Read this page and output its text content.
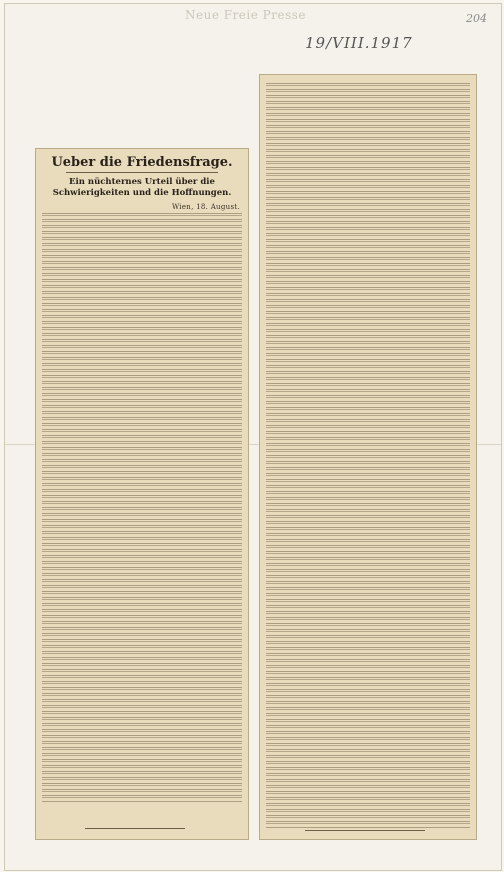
Neue Freie Presse	204
19/VIII.1917
Ueber die Friedensfrage.
Ein nüchternes Urteil über die Schwierigkeiten und die Hoffnungen.
Wien, 18. August.
